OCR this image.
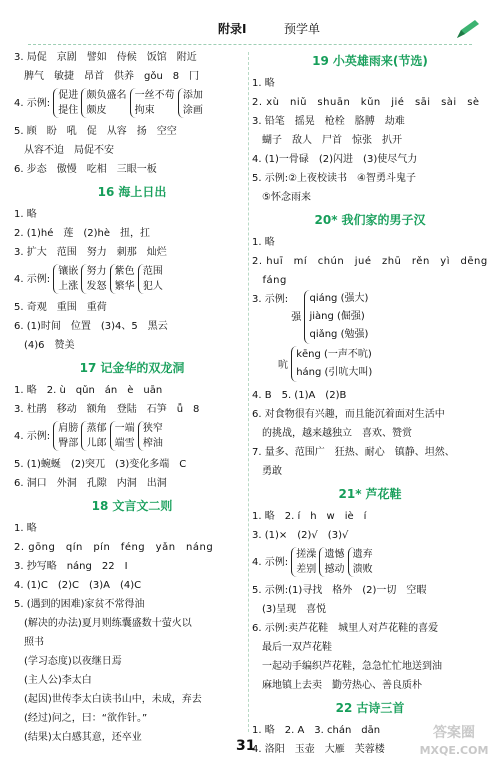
附录Ⅰ	预学单
3. 局促　京剧　譬如　侍候　饭馆　附近
　脾气　敏捷　昂首　供养　gǒu　8　冂
4. 示例: 促进
提住 颇负盛名
颇皮 一丝不苟
拘束 添加
涂画
5. 顾　盼　吼　促　从容　扬　空空
　从容不迫　局促不安
6. 步态　傲慢　吃相　三眼一板
16 海上日出
1. 略
2. (1)hé　莲　(2)hè　扭，扛
3. 扩大　范围　努力　刺那　灿烂
4. 示例: 镶嵌
上涨 努力
发怒 紫色
繁华 范围
犯人
5. 奇观　重围　重荷
6. (1)时间　位置　(3)4、5　黑云
　(4)6　赞美
17 记金华的双龙洞
1. 略　2. ù　qǔn　án　è　uān
3. 杜鹃　移动　额角　登陆　石笋　ǚ　8
4. 示例: 肩膀
臀部 蒸郁
儿郎 一端
端雪 狭窄
榨油
5. (1)蜿蜒　(2)突兀　(3)变化多端　C
6. 洞口　外洞　孔隙　内洞　出洞
18 文言文二则
1. 略
2. gōng　qín　pín　féng　yǎn　náng
3. 抄写略　náng　22　Ⅰ
4. (1)C　(2)C　(3)A　(4)C
5. (遇到的困难)家贫不常得油
　(解决的办法)夏月则练囊盛数十萤火以
　照书
　(学习态度)以夜继日焉
　(主人公)李太白
　(起因)世传李太白读书山中，未成，弃去
　(经过)问之，曰：“欲作针。”
　(结果)太白感其意，还卒业
19 小英雄雨来(节选)
1. 略
2. xù　niǔ　shuān　kǔn　jié　sāi　sài　sè
3. 铅笔　摇晃　枪栓　胳膊　劫难
　蝴子　敌人　尸首　惊张　扒开
4. (1)一骨碌　(2)闪进　(3)使尽气力
5. 示例:②上夜校读书　④智勇斗鬼子
　⑤怀念雨来
20* 我们家的男子汉
1. 略
2. huī　mí　chún　jué　zhū　rěn　yì　dēng
　fáng
3. 示例: 强 qiáng (强大)
jiàng (倔强)
qiǎng (勉强)
吭 kēng (一声不吭)
háng (引吭大叫)
4. B　5. (1)A　(2)B
6. 对食物很有兴趣，而且能沉着面对生活中
　的挑战，越来越独立　喜欢、赞赏
7. 量多、范围广　狂热、耐心　镇静、坦然、
　勇敢
21* 芦花鞋
1. 略　2. í　h　w　iè　í
3. (1)×　(2)√　(3)√
4. 示例: 搓澡
差别 遗憾
撼动 遗弃
溃败
5. 示例:(1)寻找　格外　(2)一切　空暇
　(3)呈现　喜悦
6. 示例:卖芦花鞋　城里人对芦花鞋的喜爱
　最后一双芦花鞋
　一起动手编织芦花鞋，急急忙忙地送到油
　麻地镇上去卖　勤劳热心、善良质朴
22 古诗三首
1. 略　2. A　3. chán　dān
4. 洛阳　玉壶　大雁　芙蓉楼
31
答案圈
MXQE.COM
